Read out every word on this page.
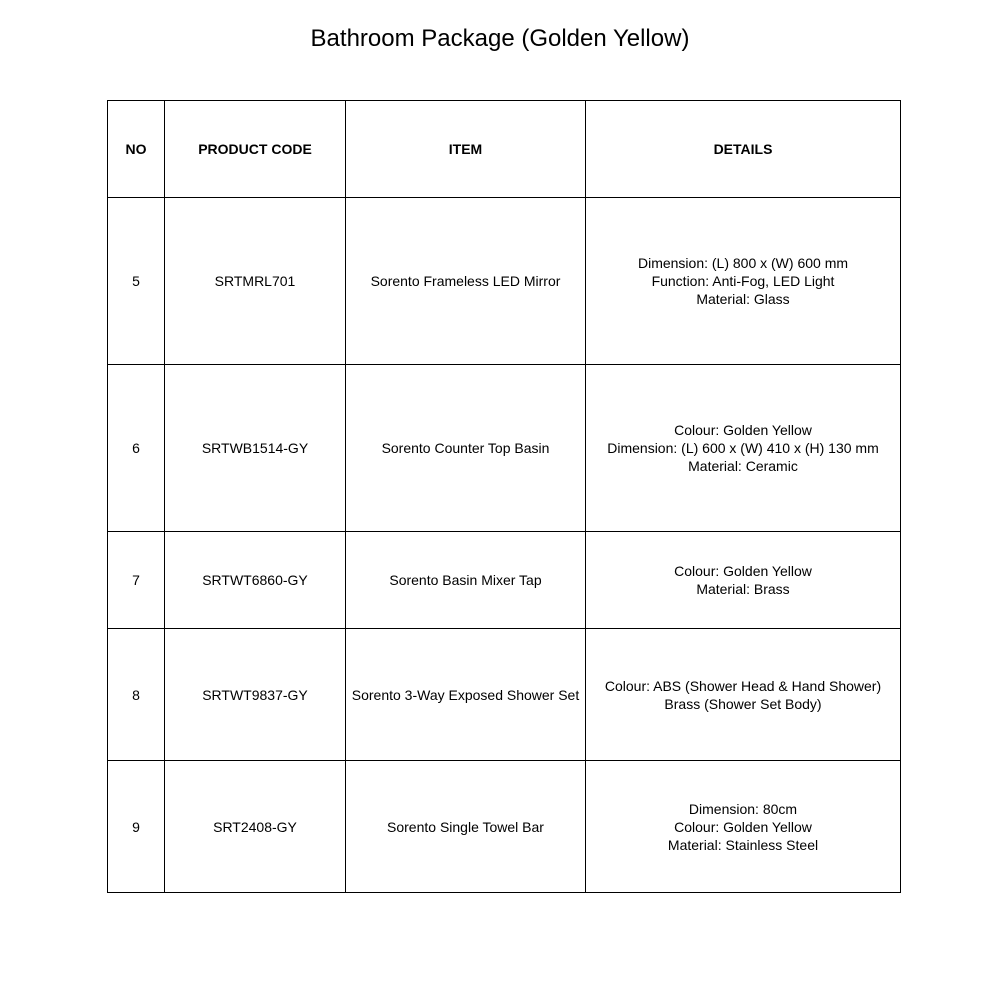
Bathroom Package (Golden Yellow)
NO	PRODUCT CODE	ITEM	DETAILS
5	SRTMRL701	Sorento Frameless LED Mirror	Dimension: (L) 800 x (W) 600 mm
Function: Anti-Fog, LED Light
Material: Glass

6	SRTWB1514-GY	Sorento Counter Top Basin	Colour: Golden Yellow
Dimension: (L) 600 x (W) 410 x (H) 130 mm
Material: Ceramic

7	SRTWT6860-GY	Sorento Basin Mixer Tap	Colour: Golden Yellow
Material: Brass

8	SRTWT9837-GY	Sorento 3-Way Exposed Shower Set	Colour: ABS (Shower Head & Hand Shower)
Brass (Shower Set Body)

9	SRT2408-GY	Sorento Single Towel Bar	Dimension: 80cm
Colour: Golden Yellow
Material: Stainless Steel
